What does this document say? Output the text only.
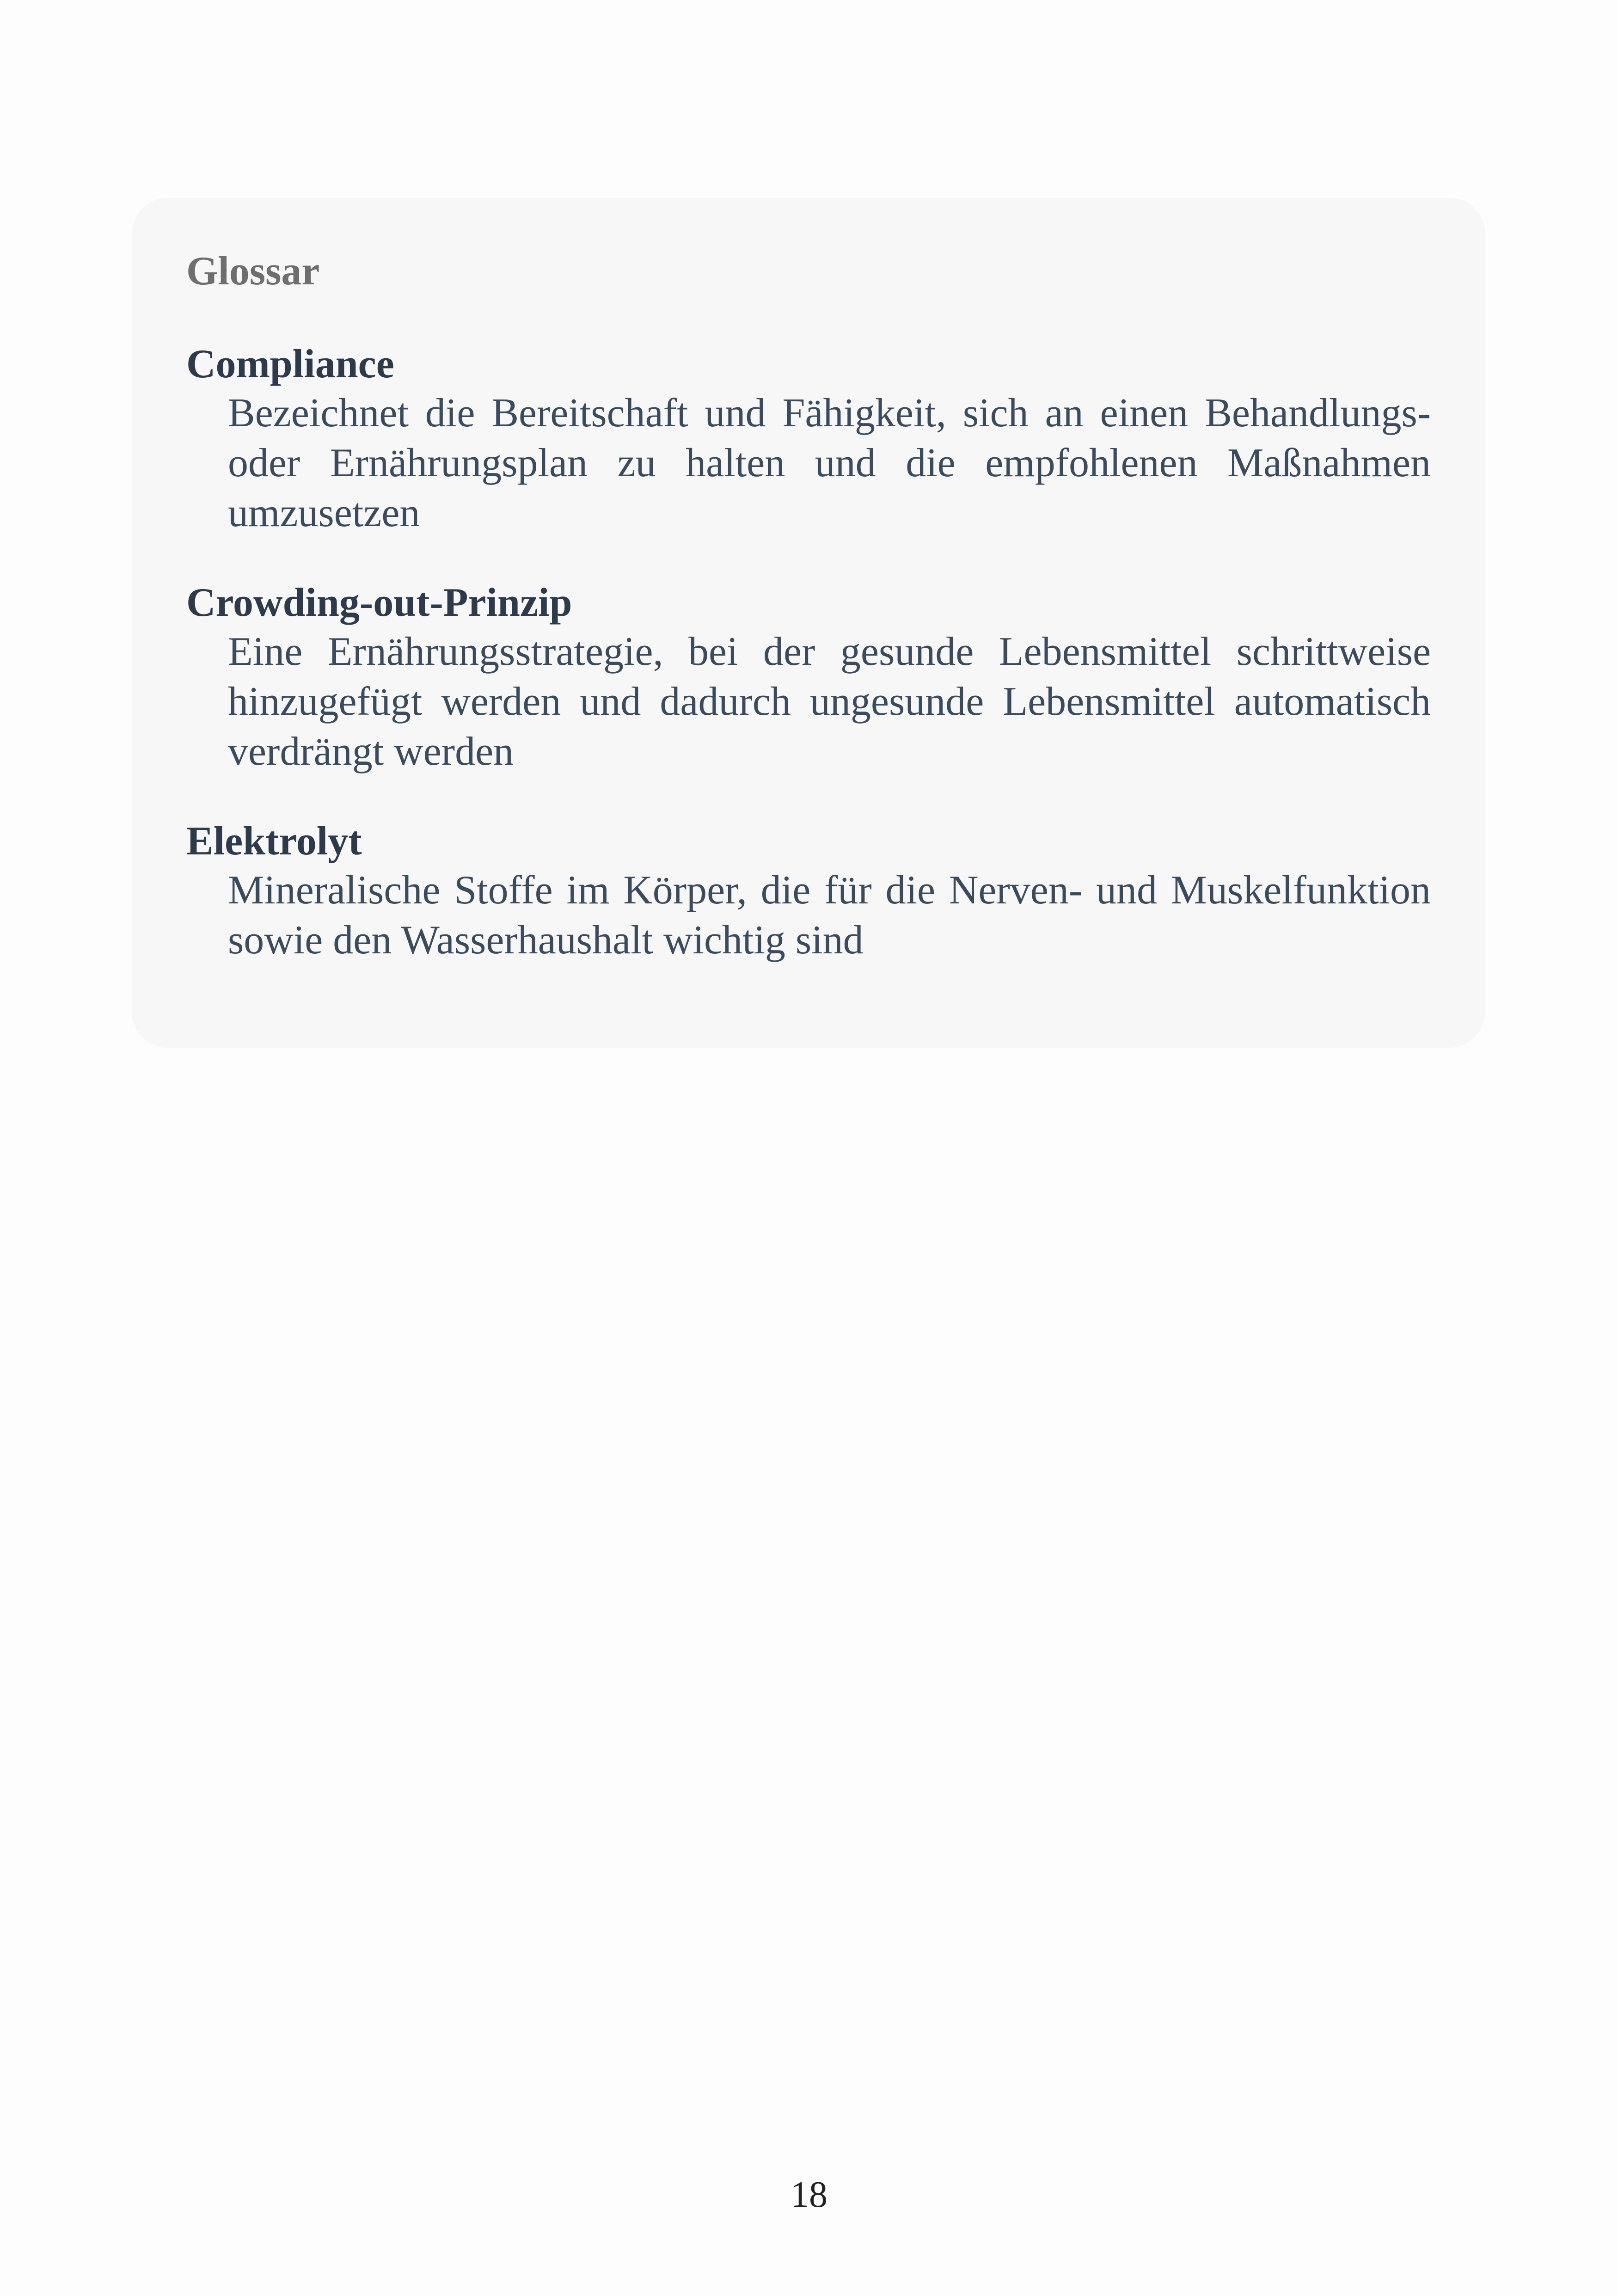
Glossar
Compliance
Bezeichnet die Bereitschaft und Fähigkeit, sich an einen Behandlungs- oder Ernährungsplan zu halten und die empfohlenen Maßnahmen umzusetzen
Crowding-out-Prinzip
Eine Ernährungsstrategie, bei der gesunde Lebensmittel schrittweise hinzugefügt werden und dadurch ungesunde Lebensmittel automatisch verdrängt werden
Elektrolyt
Mineralische Stoffe im Körper, die für die Nerven- und Muskelfunktion sowie den Wasserhaushalt wichtig sind
18
